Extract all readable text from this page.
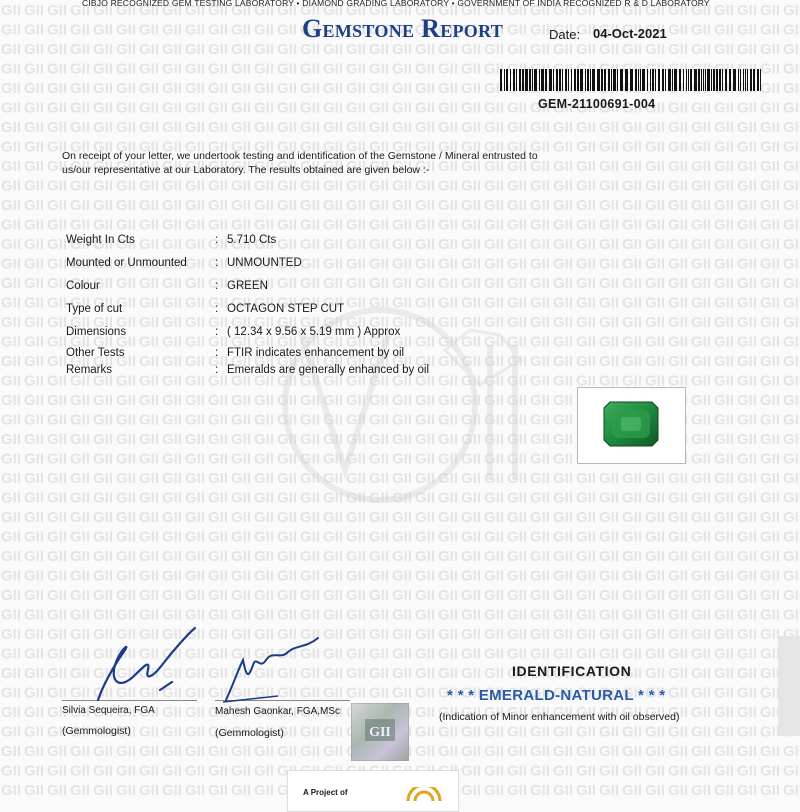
CIBJO RECOGNIZED GEM TESTING LABORATORY • DIAMOND GRADING LABORATORY • GOVERNMENT OF INDIA RECOGNIZED R & D LABORATORY
Gemstone Report	Date: 04-Oct-2021
GEM-21100691-004
On receipt of your letter, we undertook testing and identification of the Gemstone / Mineral entrusted to us/our representative at our Laboratory. The results obtained are given below :-
Weight In Cts	: 5.710 Cts
Mounted or Unmounted : UNMOUNTED
Colour	: GREEN
Type of cut	: OCTAGON STEP CUT
Dimensions	: ( 12.34 x 9.56 x 5.19 mm ) Approx
Other Tests	: FTIR indicates enhancement by oil
Remarks	: Emeralds are generally enhanced by oil
Silvia Sequeira, FGA
(Gemmologist)
Mahesh Gaonkar, FGA,MSc
(Gemmologist)	GII
IDENTIFICATION
* * * EMERALD-NATURAL * * *
(Indication of Minor enhancement with oil observed)
A Project of
